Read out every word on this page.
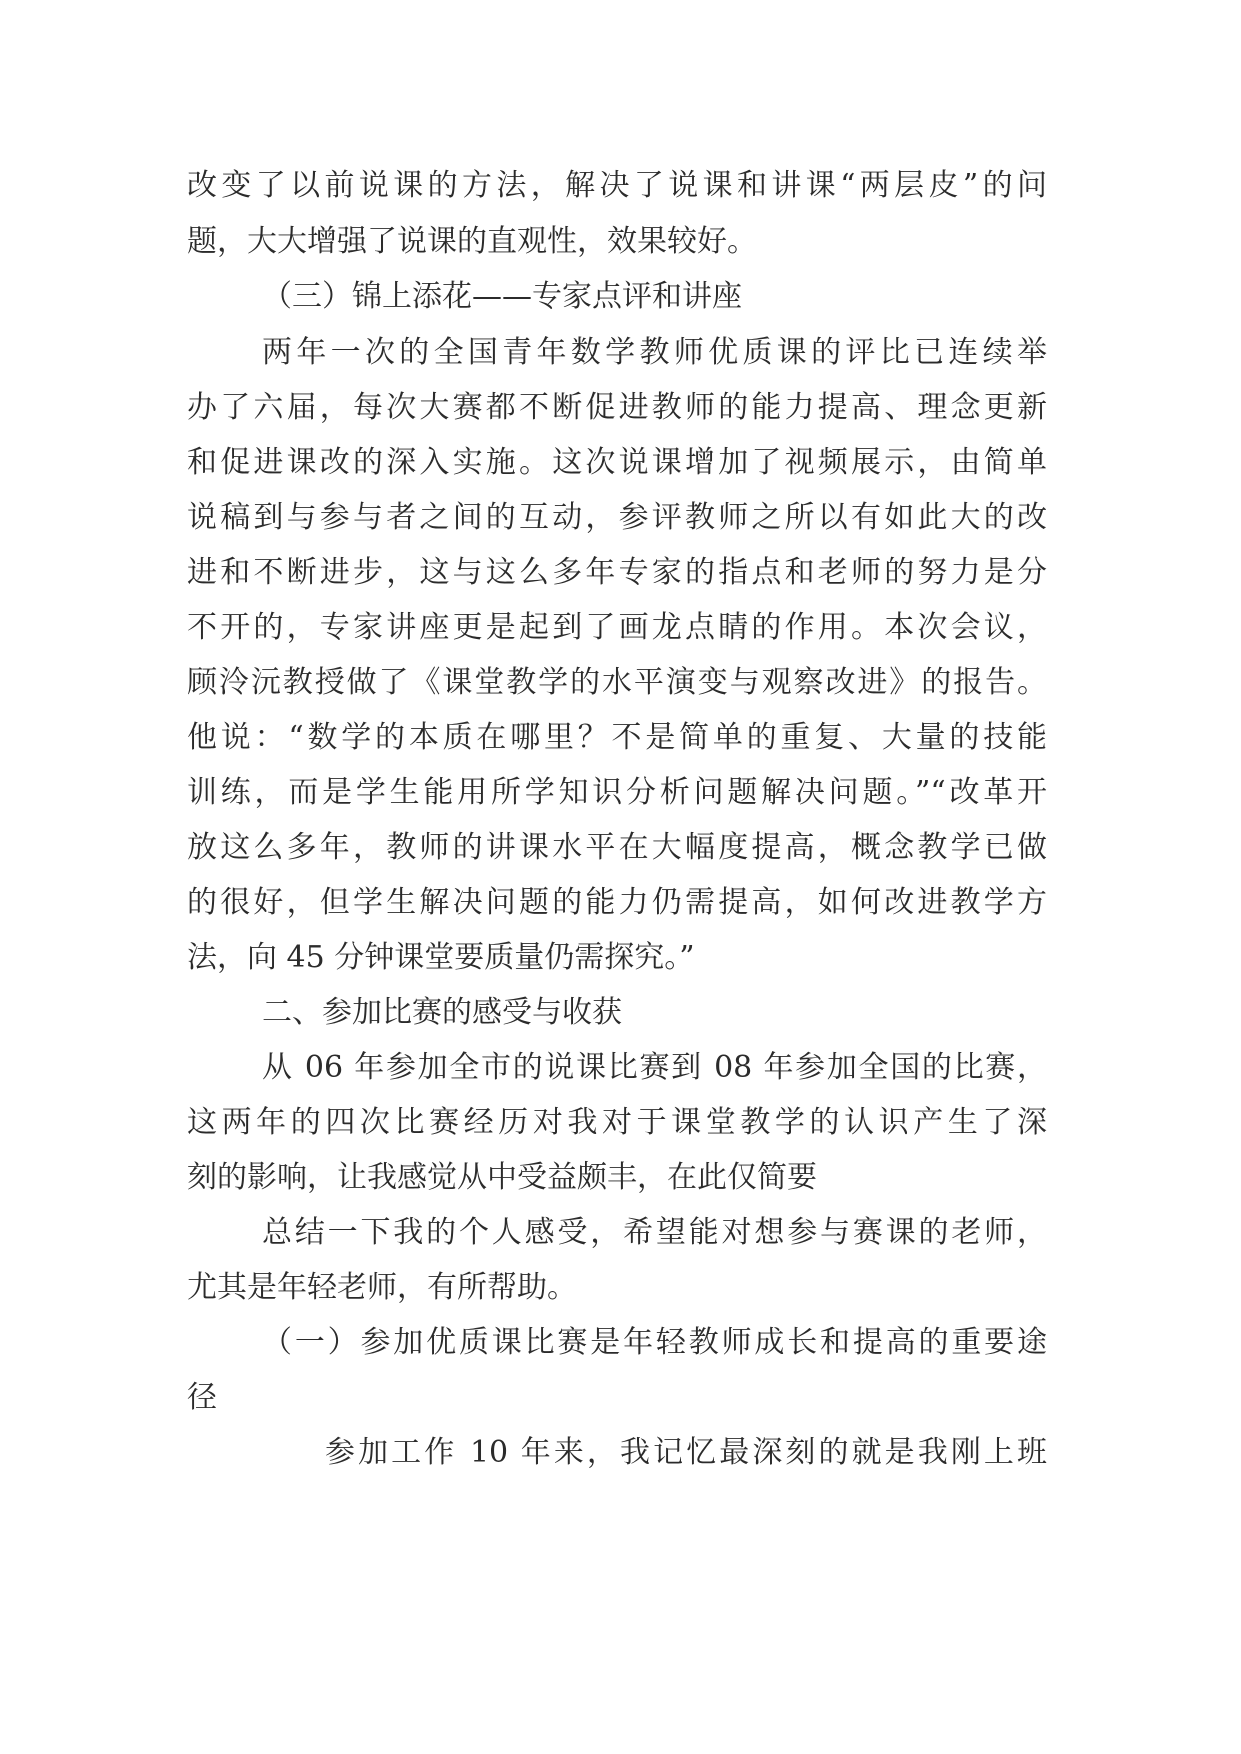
改变了以前说课的方法，解决了说课和讲课“两层皮”的问
题，大大增强了说课的直观性，效果较好。
（三）锦上添花——专家点评和讲座
两年一次的全国青年数学教师优质课的评比已连续举
办了六届，每次大赛都不断促进教师的能力提高、理念更新
和促进课改的深入实施。这次说课增加了视频展示，由简单
说稿到与参与者之间的互动，参评教师之所以有如此大的改
进和不断进步，这与这么多年专家的指点和老师的努力是分
不开的，专家讲座更是起到了画龙点睛的作用。本次会议，
顾泠沅教授做了《课堂教学的水平演变与观察改进》的报告。
他说：“数学的本质在哪里？不是简单的重复、大量的技能
训练，而是学生能用所学知识分析问题解决问题。”“改革开
放这么多年，教师的讲课水平在大幅度提高，概念教学已做
的很好，但学生解决问题的能力仍需提高，如何改进教学方
法，向 45 分钟课堂要质量仍需探究。”
二、参加比赛的感受与收获
从 06 年参加全市的说课比赛到 08 年参加全国的比赛，
这两年的四次比赛经历对我对于课堂教学的认识产生了深
刻的影响，让我感觉从中受益颇丰，在此仅简要
总结一下我的个人感受，希望能对想参与赛课的老师，
尤其是年轻老师，有所帮助。
（一）参加优质课比赛是年轻教师成长和提高的重要途
径
参加工作 10 年来，我记忆最深刻的就是我刚上班
